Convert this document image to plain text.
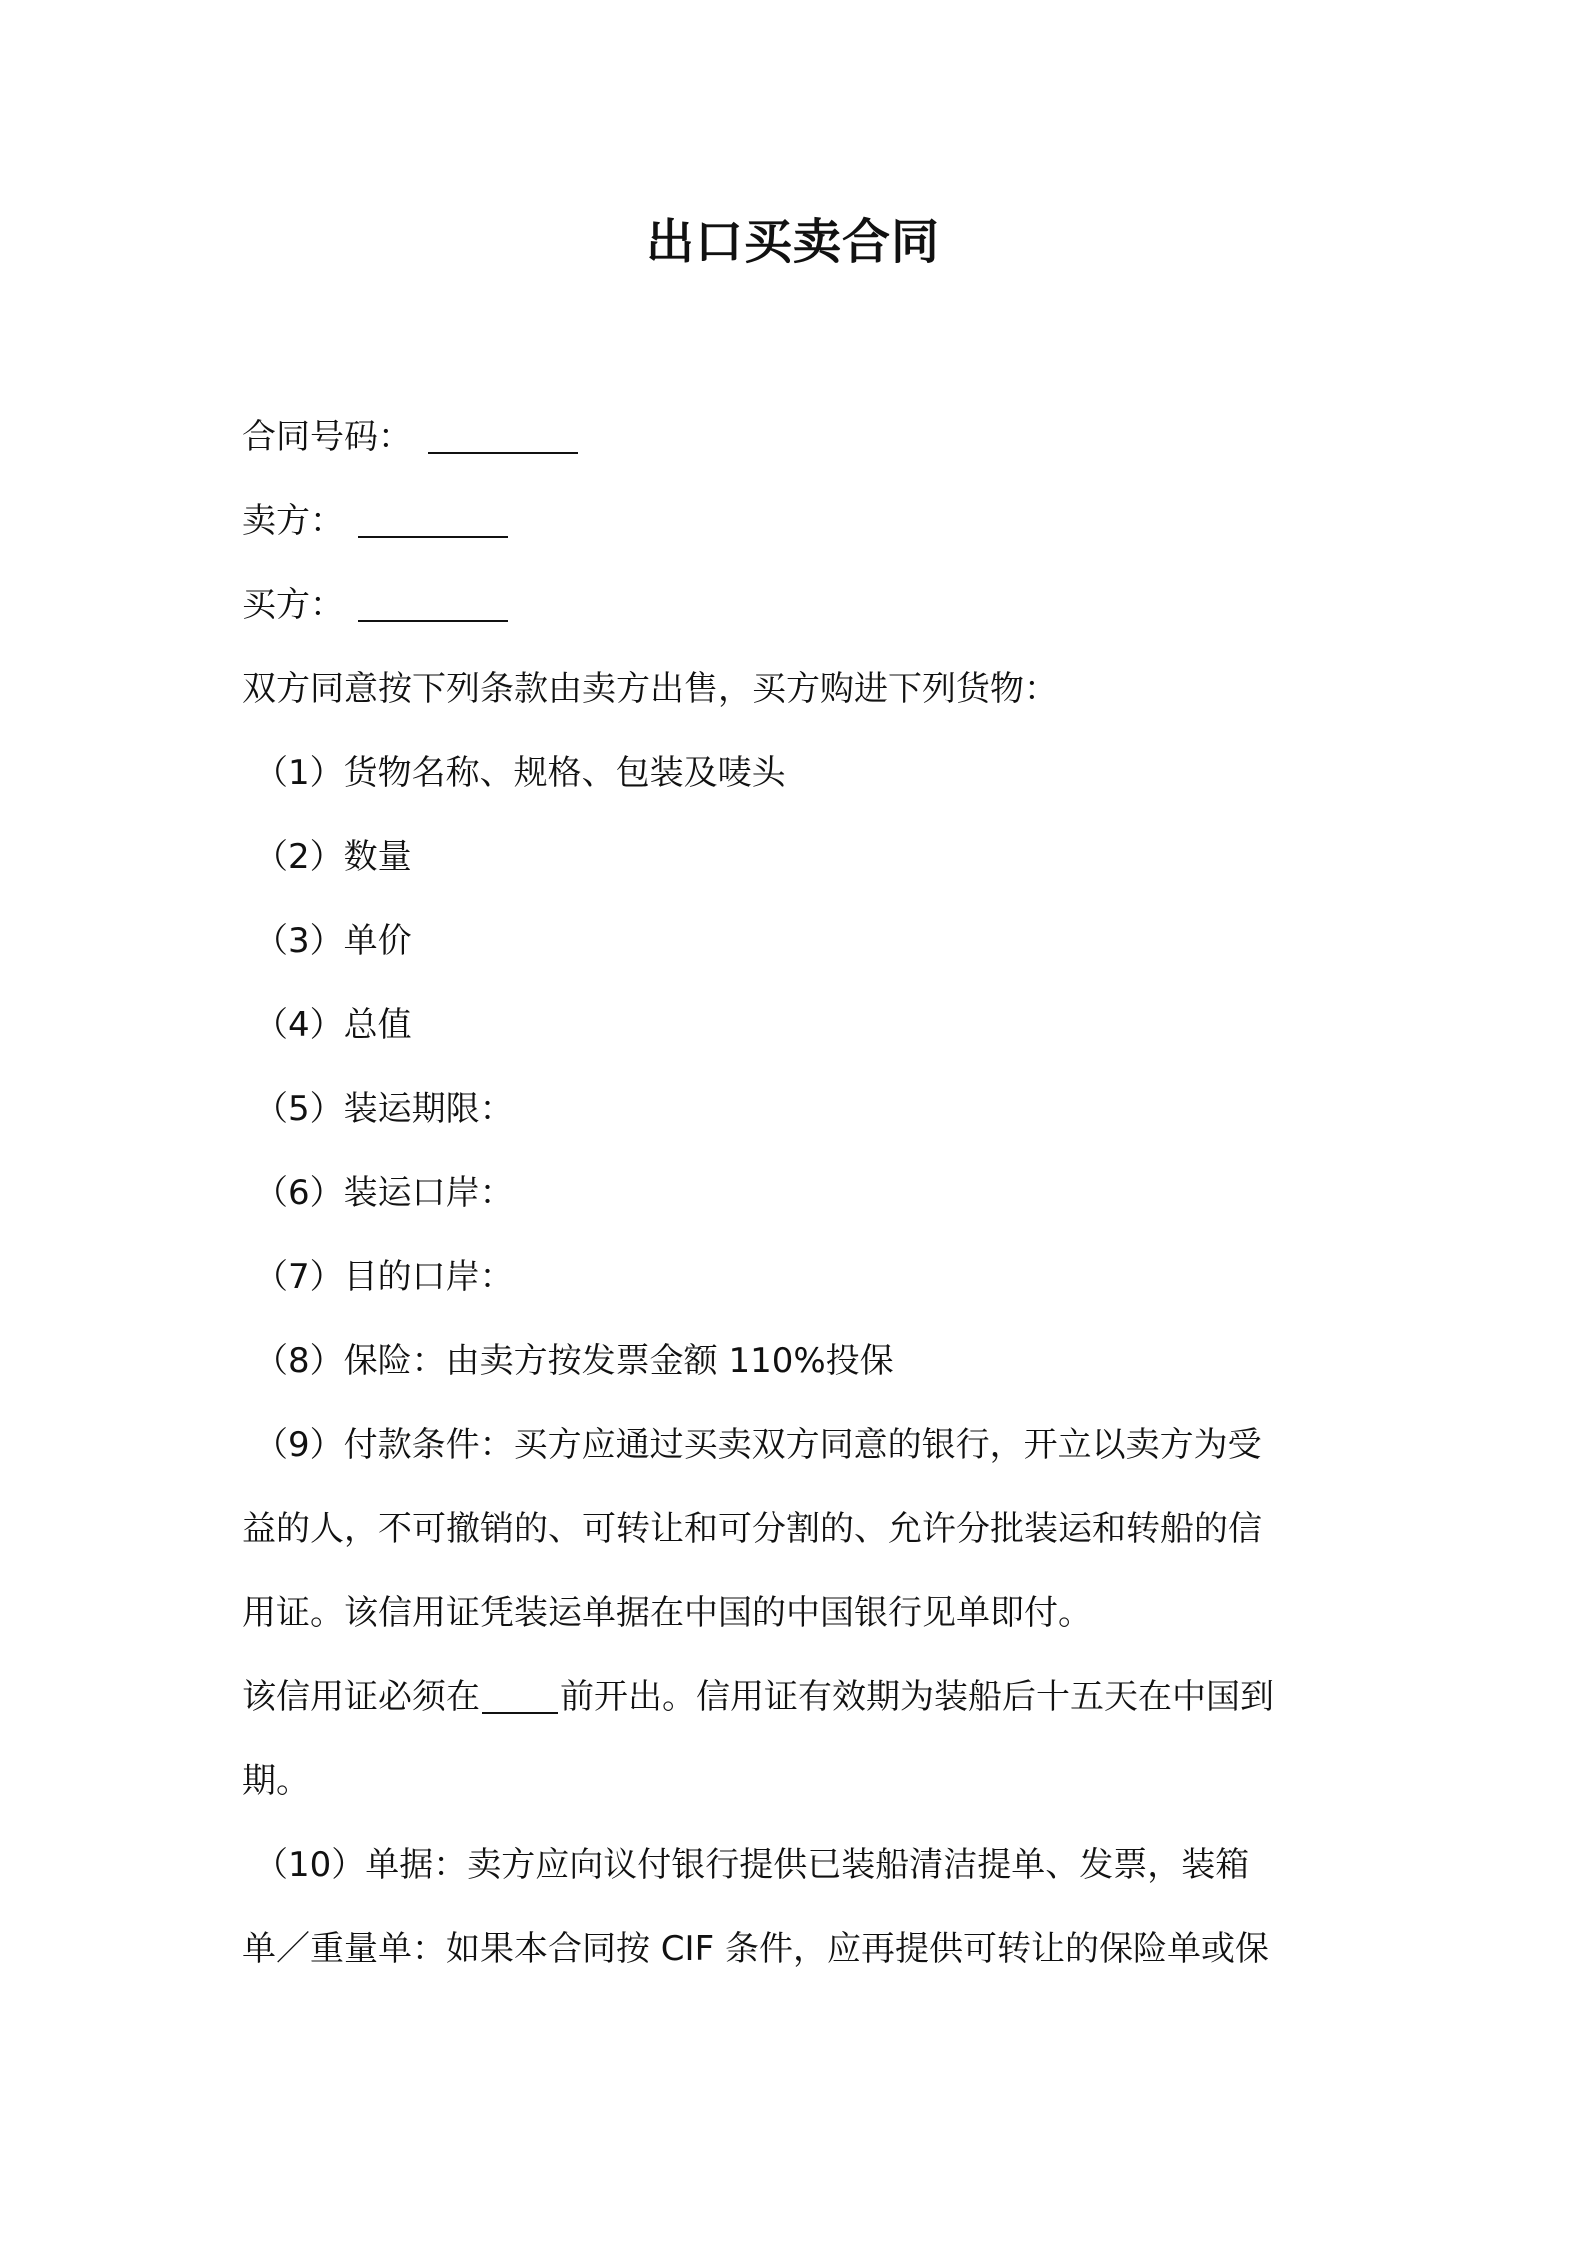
出口买卖合同
合同号码：
卖方：
买方：
双方同意按下列条款由卖方出售，买方购进下列货物：
（1）货物名称、规格、包装及唛头
（2）数量
（3）单价
（4）总值
（5）装运期限：
（6）装运口岸：
（7）目的口岸：
（8）保险：由卖方按发票金额 110%投保
（9）付款条件：买方应通过买卖双方同意的银行，开立以卖方为受
益的人，不可撤销的、可转让和可分割的、允许分批装运和转船的信
用证。该信用证凭装运单据在中国的中国银行见单即付。
该信用证必须在 前开出。信用证有效期为装船后十五天在中国到
期。
（10）单据：卖方应向议付银行提供已装船清洁提单、发票，装箱
单／重量单：如果本合同按 CIF 条件，应再提供可转让的保险单或保
